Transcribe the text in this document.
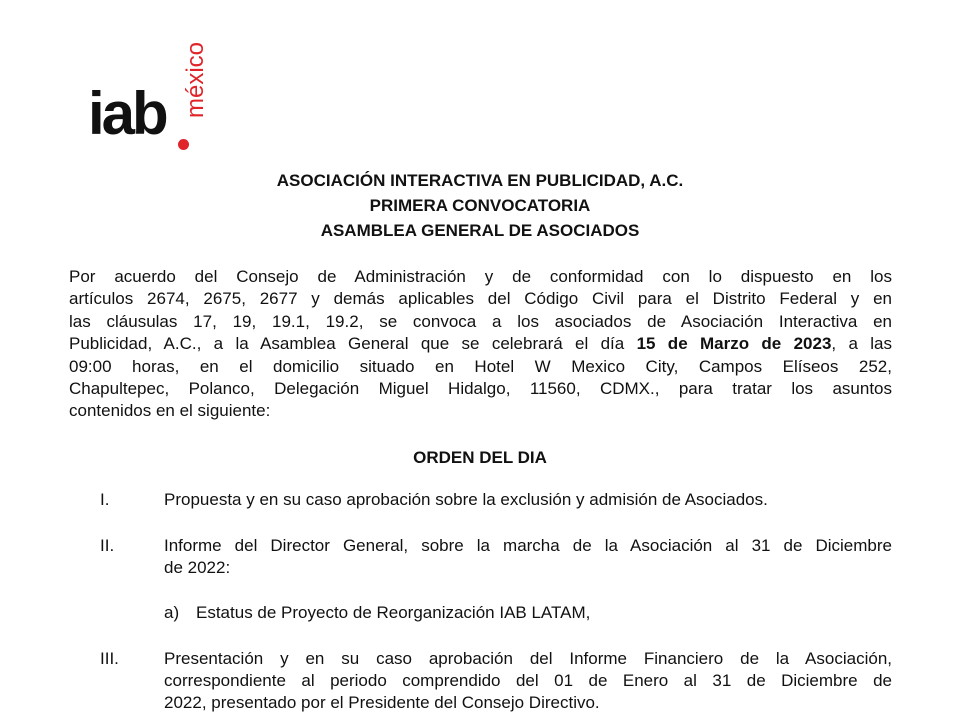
iab méxico
ASOCIACIÓN INTERACTIVA EN PUBLICIDAD, A.C.
PRIMERA CONVOCATORIA
ASAMBLEA GENERAL DE ASOCIADOS
Por acuerdo del Consejo de Administración y de conformidad con lo dispuesto en los
artículos 2674, 2675, 2677 y demás aplicables del Código Civil para el Distrito Federal y en
las cláusulas 17, 19, 19.1, 19.2, se convoca a los asociados de Asociación Interactiva en
Publicidad, A.C., a la Asamblea General que se celebrará el día 15 de Marzo de 2023, a las
09:00 horas, en el domicilio situado en Hotel W Mexico City, Campos Elíseos 252,
Chapultepec, Polanco, Delegación Miguel Hidalgo, 11560, CDMX., para tratar los asuntos
contenidos en el siguiente:
ORDEN DEL DIA
I.	Propuesta y en su caso aprobación sobre la exclusión y admisión de Asociados.
II.	Informe del Director General, sobre la marcha de la Asociación al 31 de Diciembre
de 2022:
a) Estatus de Proyecto de Reorganización IAB LATAM,
III.	Presentación y en su caso aprobación del Informe Financiero de la Asociación,
correspondiente al periodo comprendido del 01 de Enero al 31 de Diciembre de
2022, presentado por el Presidente del Consejo Directivo.
